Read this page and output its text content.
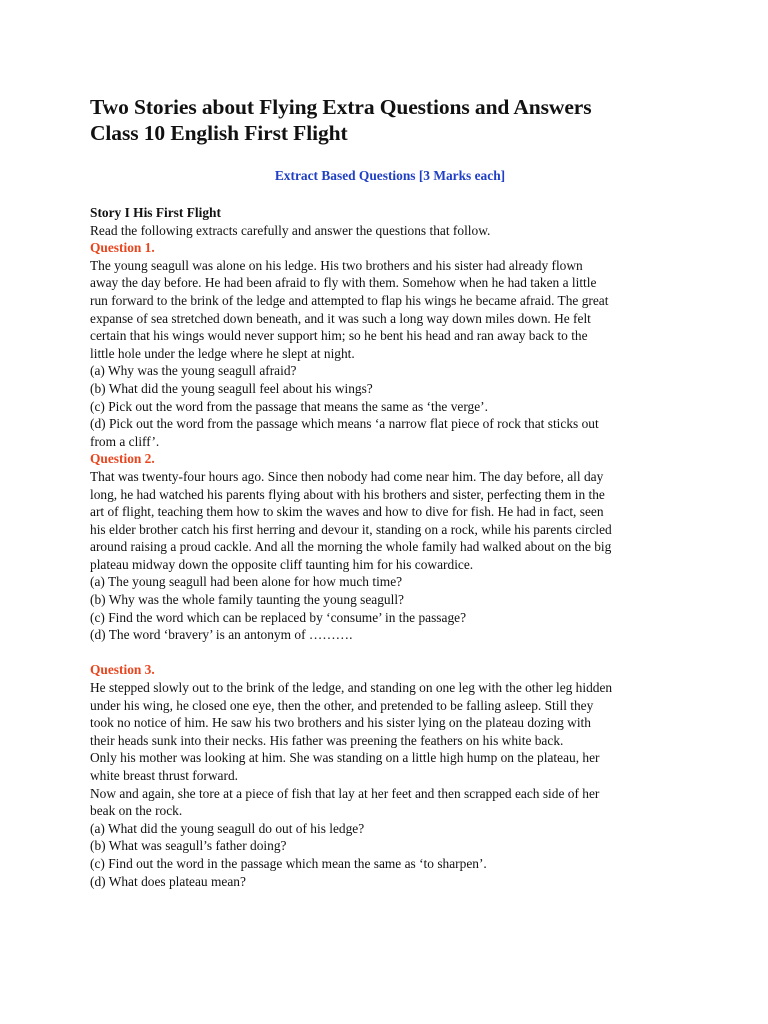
Two Stories about Flying Extra Questions and Answers
Class 10 English First Flight
Extract Based Questions [3 Marks each]
Story I His First Flight
Read the following extracts carefully and answer the questions that follow.
Question 1.
The young seagull was alone on his ledge. His two brothers and his sister had already flown
away the day before. He had been afraid to fly with them. Somehow when he had taken a little
run forward to the brink of the ledge and attempted to flap his wings he became afraid. The great
expanse of sea stretched down beneath, and it was such a long way down miles down. He felt
certain that his wings would never support him; so he bent his head and ran away back to the
little hole under the ledge where he slept at night.
(a) Why was the young seagull afraid?
(b) What did the young seagull feel about his wings?
(c) Pick out the word from the passage that means the same as ‘the verge’.
(d) Pick out the word from the passage which means ‘a narrow flat piece of rock that sticks out
from a cliff’.
Question 2.
That was twenty-four hours ago. Since then nobody had come near him. The day before, all day
long, he had watched his parents flying about with his brothers and sister, perfecting them in the
art of flight, teaching them how to skim the waves and how to dive for fish. He had in fact, seen
his elder brother catch his first herring and devour it, standing on a rock, while his parents circled
around raising a proud cackle. And all the morning the whole family had walked about on the big
plateau midway down the opposite cliff taunting him for his cowardice.
(a) The young seagull had been alone for how much time?
(b) Why was the whole family taunting the young seagull?
(c) Find the word which can be replaced by ‘consume’ in the passage?
(d) The word ‘bravery’ is an antonym of ……….
Question 3.
He stepped slowly out to the brink of the ledge, and standing on one leg with the other leg hidden
under his wing, he closed one eye, then the other, and pretended to be falling asleep. Still they
took no notice of him. He saw his two brothers and his sister lying on the plateau dozing with
their heads sunk into their necks. His father was preening the feathers on his white back.
Only his mother was looking at him. She was standing on a little high hump on the plateau, her
white breast thrust forward.
Now and again, she tore at a piece of fish that lay at her feet and then scrapped each side of her
beak on the rock.
(a) What did the young seagull do out of his ledge?
(b) What was seagull’s father doing?
(c) Find out the word in the passage which mean the same as ‘to sharpen’.
(d) What does plateau mean?
